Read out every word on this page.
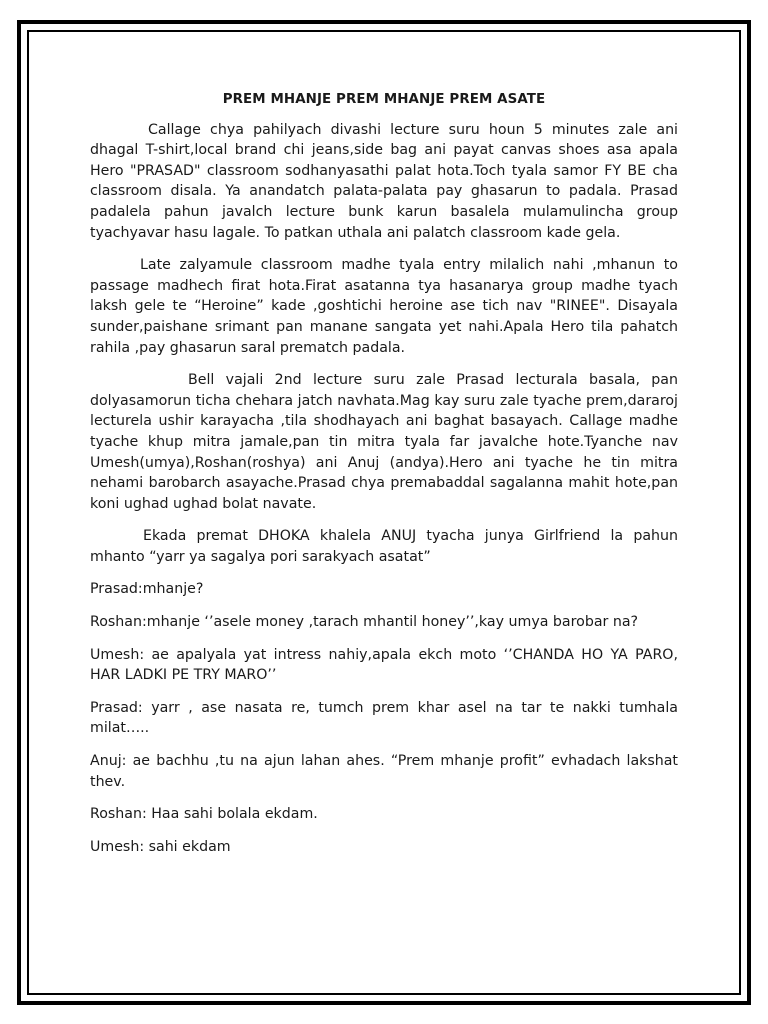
PREM MHANJE PREM MHANJE PREM ASATE

Callage chya pahilyach divashi lecture suru houn 5 minutes zale ani dhagal T-shirt,local brand chi jeans,side bag ani payat canvas shoes asa apala Hero "PRASAD" classroom sodhanyasathi palat hota.Toch tyala samor FY BE cha classroom disala. Ya anandatch palata-palata pay ghasarun to padala. Prasad padalela pahun javalch lecture bunk karun basalela mulamulincha group tyachyavar hasu lagale. To patkan uthala ani palatch classroom kade gela.

Late zalyamule classroom madhe tyala entry milalich nahi ,mhanun to passage madhech firat hota.Firat asatanna tya hasanarya group madhe tyach laksh gele te “Heroine” kade ,goshtichi heroine ase tich nav "RINEE". Disayala sunder,paishane srimant pan manane sangata yet nahi.Apala Hero tila pahatch rahila ,pay ghasarun saral prematch padala.

Bell vajali 2nd lecture suru zale Prasad lecturala basala, pan dolyasamorun ticha chehara jatch navhata.Mag kay suru zale tyache prem,dararoj lecturela ushir karayacha ,tila shodhayach ani baghat basayach. Callage madhe tyache khup mitra jamale,pan tin mitra tyala far javalche hote.Tyanche nav Umesh(umya),Roshan(roshya) ani Anuj (andya).Hero ani tyache he tin mitra nehami barobarch asayache.Prasad chya premabaddal sagalanna mahit hote,pan koni ughad ughad bolat navate.

Ekada premat DHOKA khalela ANUJ tyacha junya Girlfriend la pahun mhanto “yarr ya sagalya pori sarakyach asatat”

Prasad:mhanje?

Roshan:mhanje ‘’asele money ,tarach mhantil honey’’,kay umya barobar na?

Umesh: ae apalyala yat intress nahiy,apala ekch moto ‘’CHANDA HO YA PARO, HAR LADKI PE TRY MARO’’

Prasad: yarr , ase nasata re, tumch prem khar asel na tar te nakki tumhala milat…..

Anuj: ae bachhu ,tu na ajun lahan ahes. “Prem mhanje profit” evhadach lakshat thev.

Roshan: Haa sahi bolala ekdam.

Umesh: sahi ekdam
